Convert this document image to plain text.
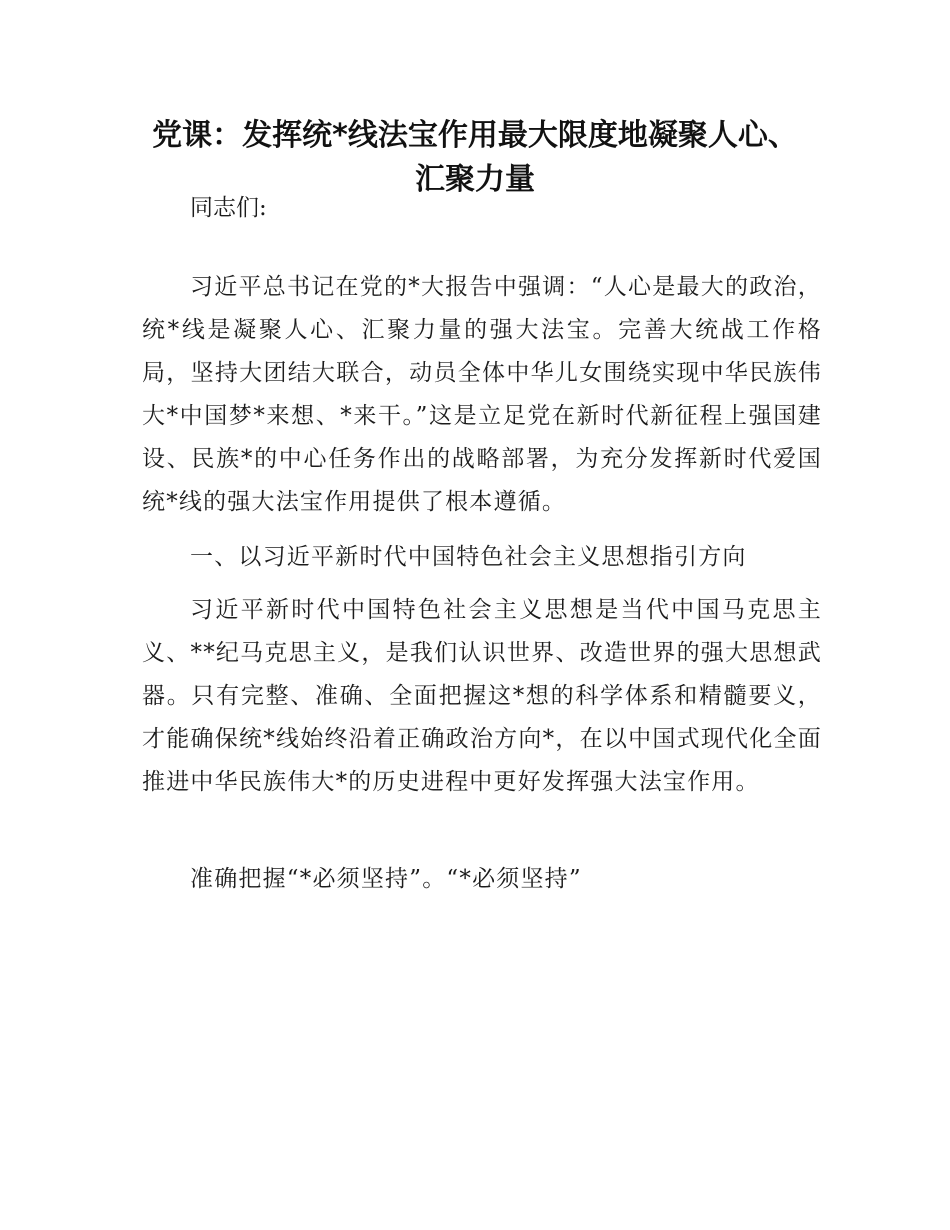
党课：发挥统*线法宝作用最大限度地凝聚人心、
汇聚力量
同志们:
习近平总书记在党的*大报告中强调：“人心是最大的政治，统*线是凝聚人心、汇聚力量的强大法宝。完善大统战工作格局，坚持大团结大联合，动员全体中华儿女围绕实现中华民族伟大*中国梦*来想、*来干。”这是立足党在新时代新征程上强国建设、民族*的中心任务作出的战略部署，为充分发挥新时代爱国统*线的强大法宝作用提供了根本遵循。
一、以习近平新时代中国特色社会主义思想指引方向
习近平新时代中国特色社会主义思想是当代中国马克思主义、**纪马克思主义，是我们认识世界、改造世界的强大思想武器。只有完整、准确、全面把握这*想的科学体系和精髓要义，才能确保统*线始终沿着正确政治方向*，在以中国式现代化全面推进中华民族伟大*的历史进程中更好发挥强大法宝作用。
准确把握“*必须坚持”。“*必须坚持”
